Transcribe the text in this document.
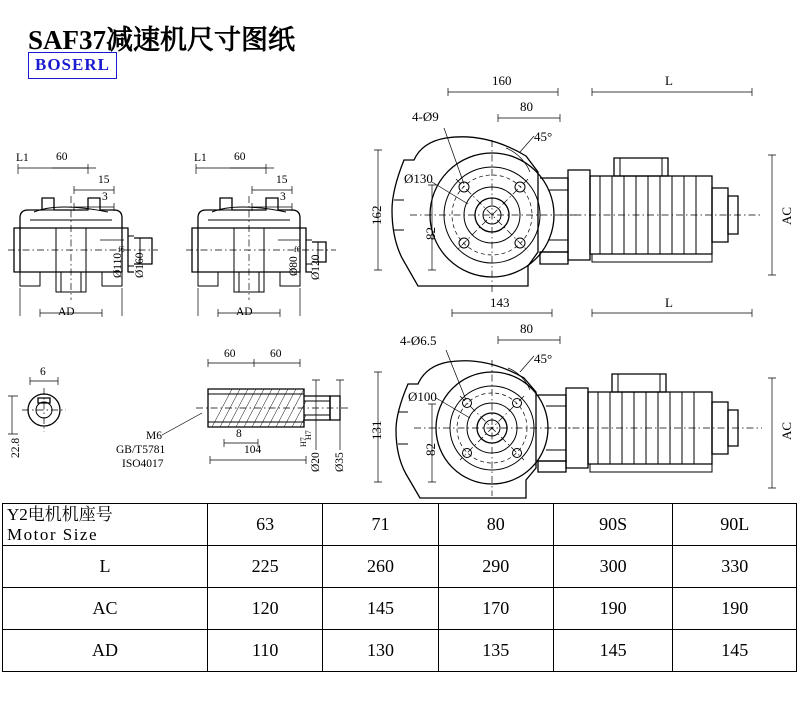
SAF37减速机尺寸图纸
BOSERL
L1 60
15
3
Ø110
f6
Ø160
AD
L1 60
15
3
Ø80
f6
Ø120
AD
6
22.8
60	60
M6
GB/T5781
ISO4017
8
104
Ø20
H7
Ø35
H7
160
80
L
4-Ø9
45°
Ø130
162
82
AC
143
80
L
4-Ø6.5
45°
Ø100
131
82
AC
Y2电机机座号
Motor Size	63	71	80	90S	90L
L	225	260	290	300	330
AC	120	145	170	190	190
AD	110	130	135	145	145
